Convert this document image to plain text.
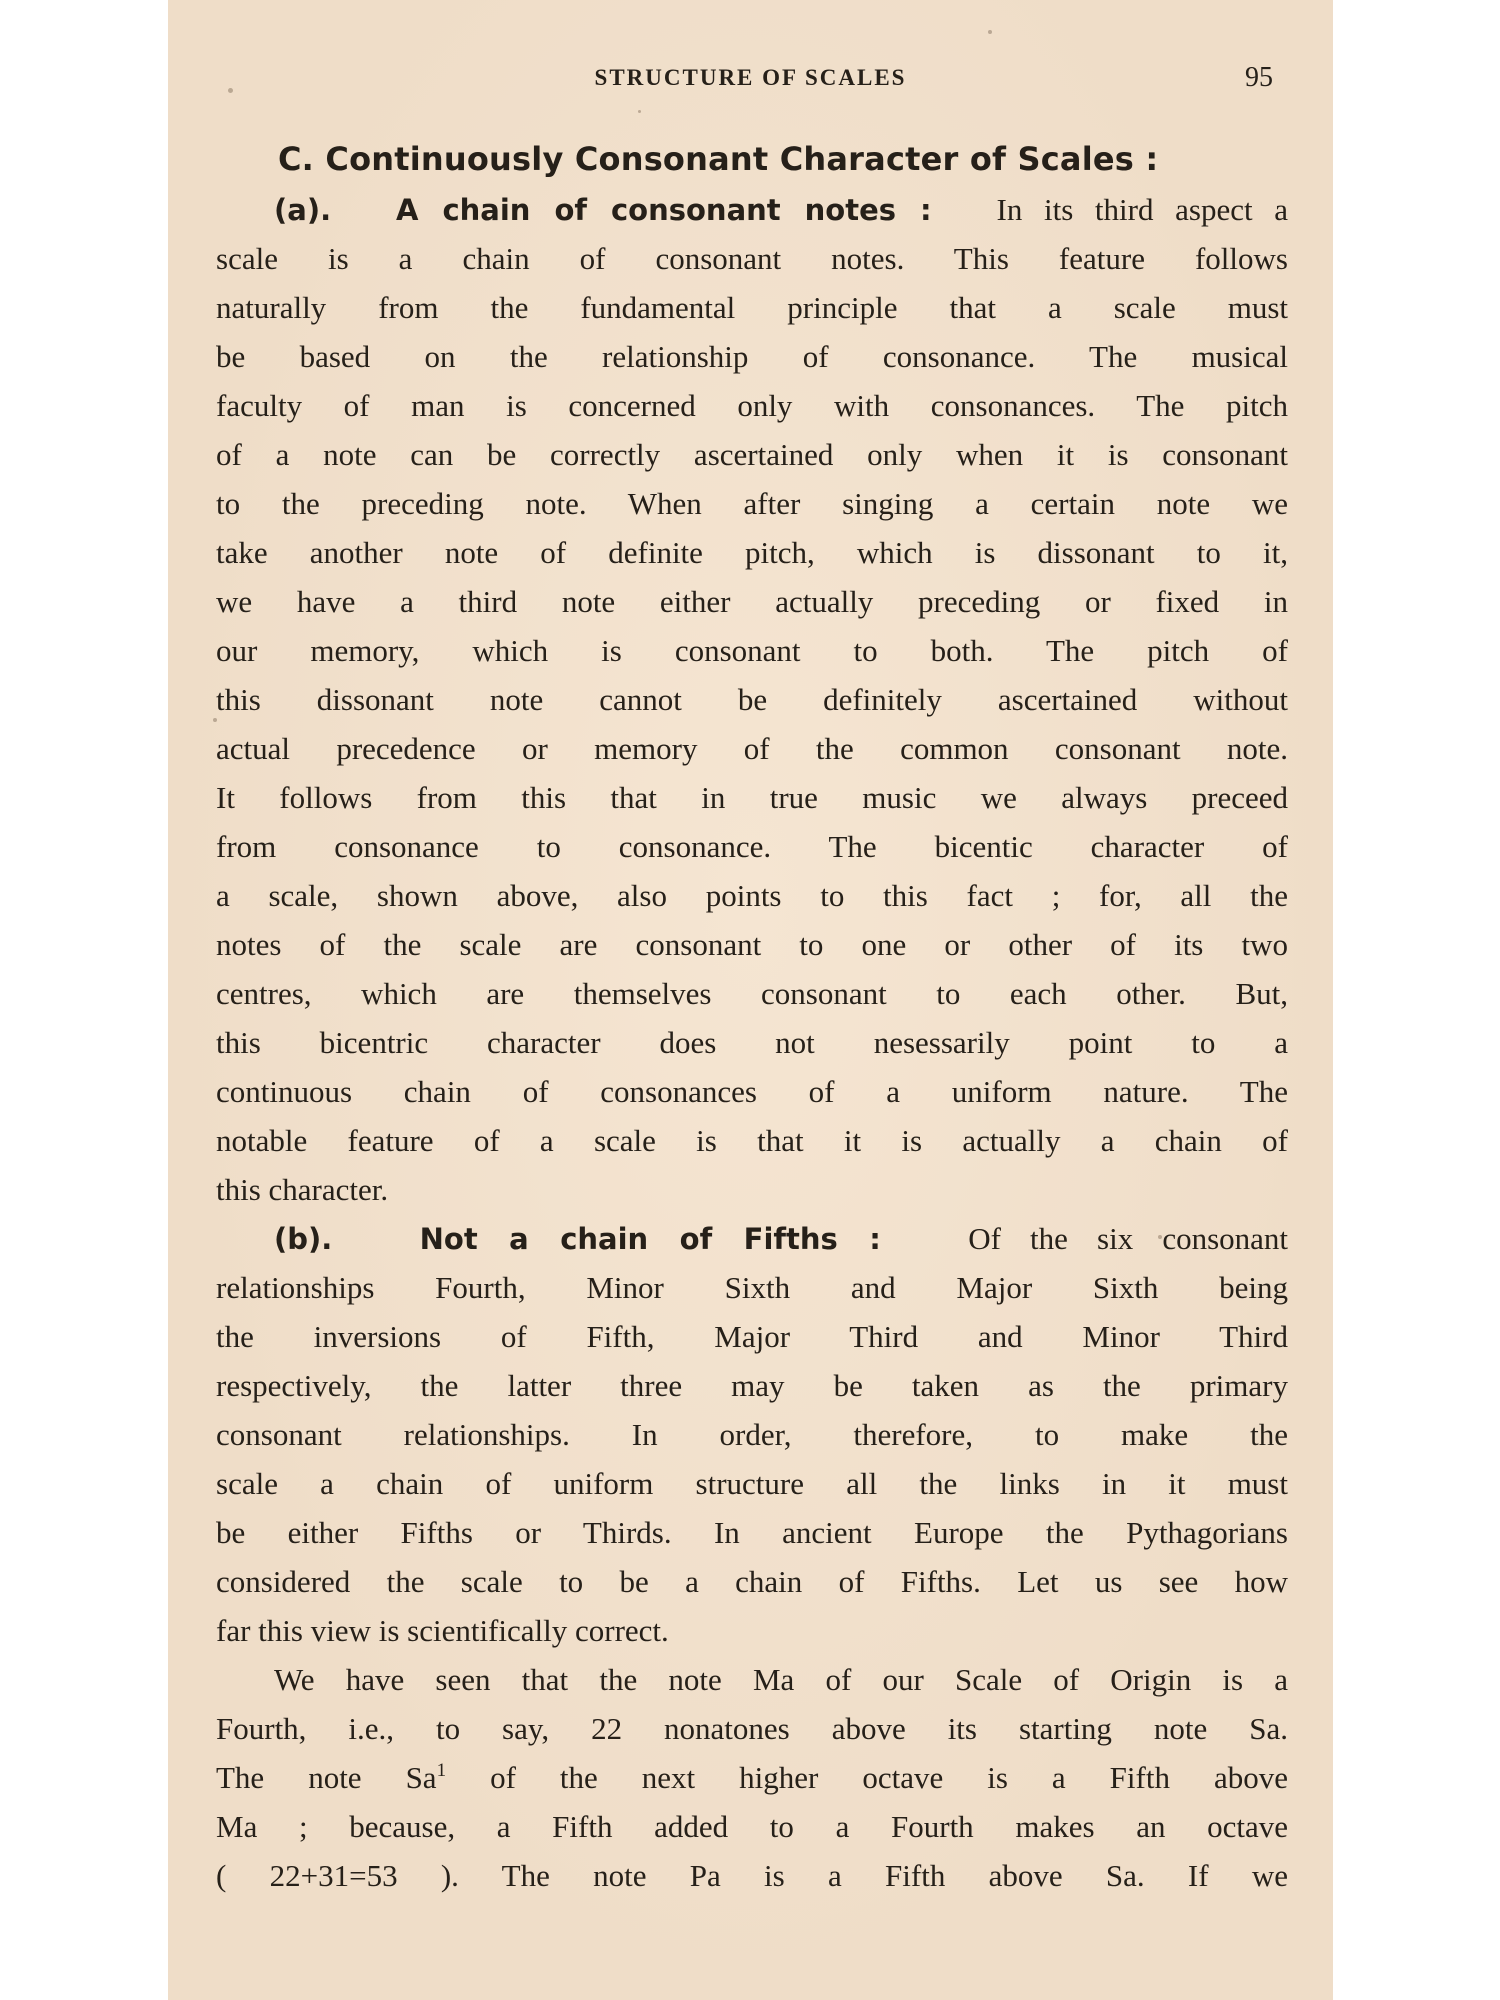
STRUCTURE OF SCALES	95
C. Continuously Consonant Character of Scales :
(a). A chain of consonant notes : In its third aspect a
scale is a chain of consonant notes. This feature follows
naturally from the fundamental principle that a scale must
be based on the relationship of consonance. The musical
faculty of man is concerned only with consonances. The pitch
of a note can be correctly ascertained only when it is consonant
to the preceding note. When after singing a certain note we
take another note of definite pitch, which is dissonant to it,
we have a third note either actually preceding or fixed in
our memory, which is consonant to both. The pitch of
this dissonant note cannot be definitely ascertained without
actual precedence or memory of the common consonant note.
It follows from this that in true music we always preceed
from consonance to consonance. The bicentic character of
a scale, shown above, also points to this fact ; for, all the
notes of the scale are consonant to one or other of its two
centres, which are themselves consonant to each other. But,
this bicentric character does not nesessarily point to a
continuous chain of consonances of a uniform nature. The
notable feature of a scale is that it is actually a chain of
this character.
(b).	Not a chain of Fifths :	Of the six consonant
relationships Fourth, Minor Sixth and Major Sixth being
the inversions of Fifth, Major Third and Minor Third
respectively, the latter three may be taken as the primary
consonant relationships. In order, therefore, to make the
scale a chain of uniform structure all the links in it must
be either Fifths or Thirds. In ancient Europe the Pythagorians
considered the scale to be a chain of Fifths. Let us see how
far this view is scientifically correct.
We have seen that the note Ma of our Scale of Origin is a
Fourth, i.e., to say, 22 nonatones above its starting note Sa.
The note Sa$^1$ of the next higher octave is a Fifth above
Ma ; because, a Fifth added to a Fourth makes an octave
( 22+31=53 ). The note Pa is a Fifth above Sa. If we
